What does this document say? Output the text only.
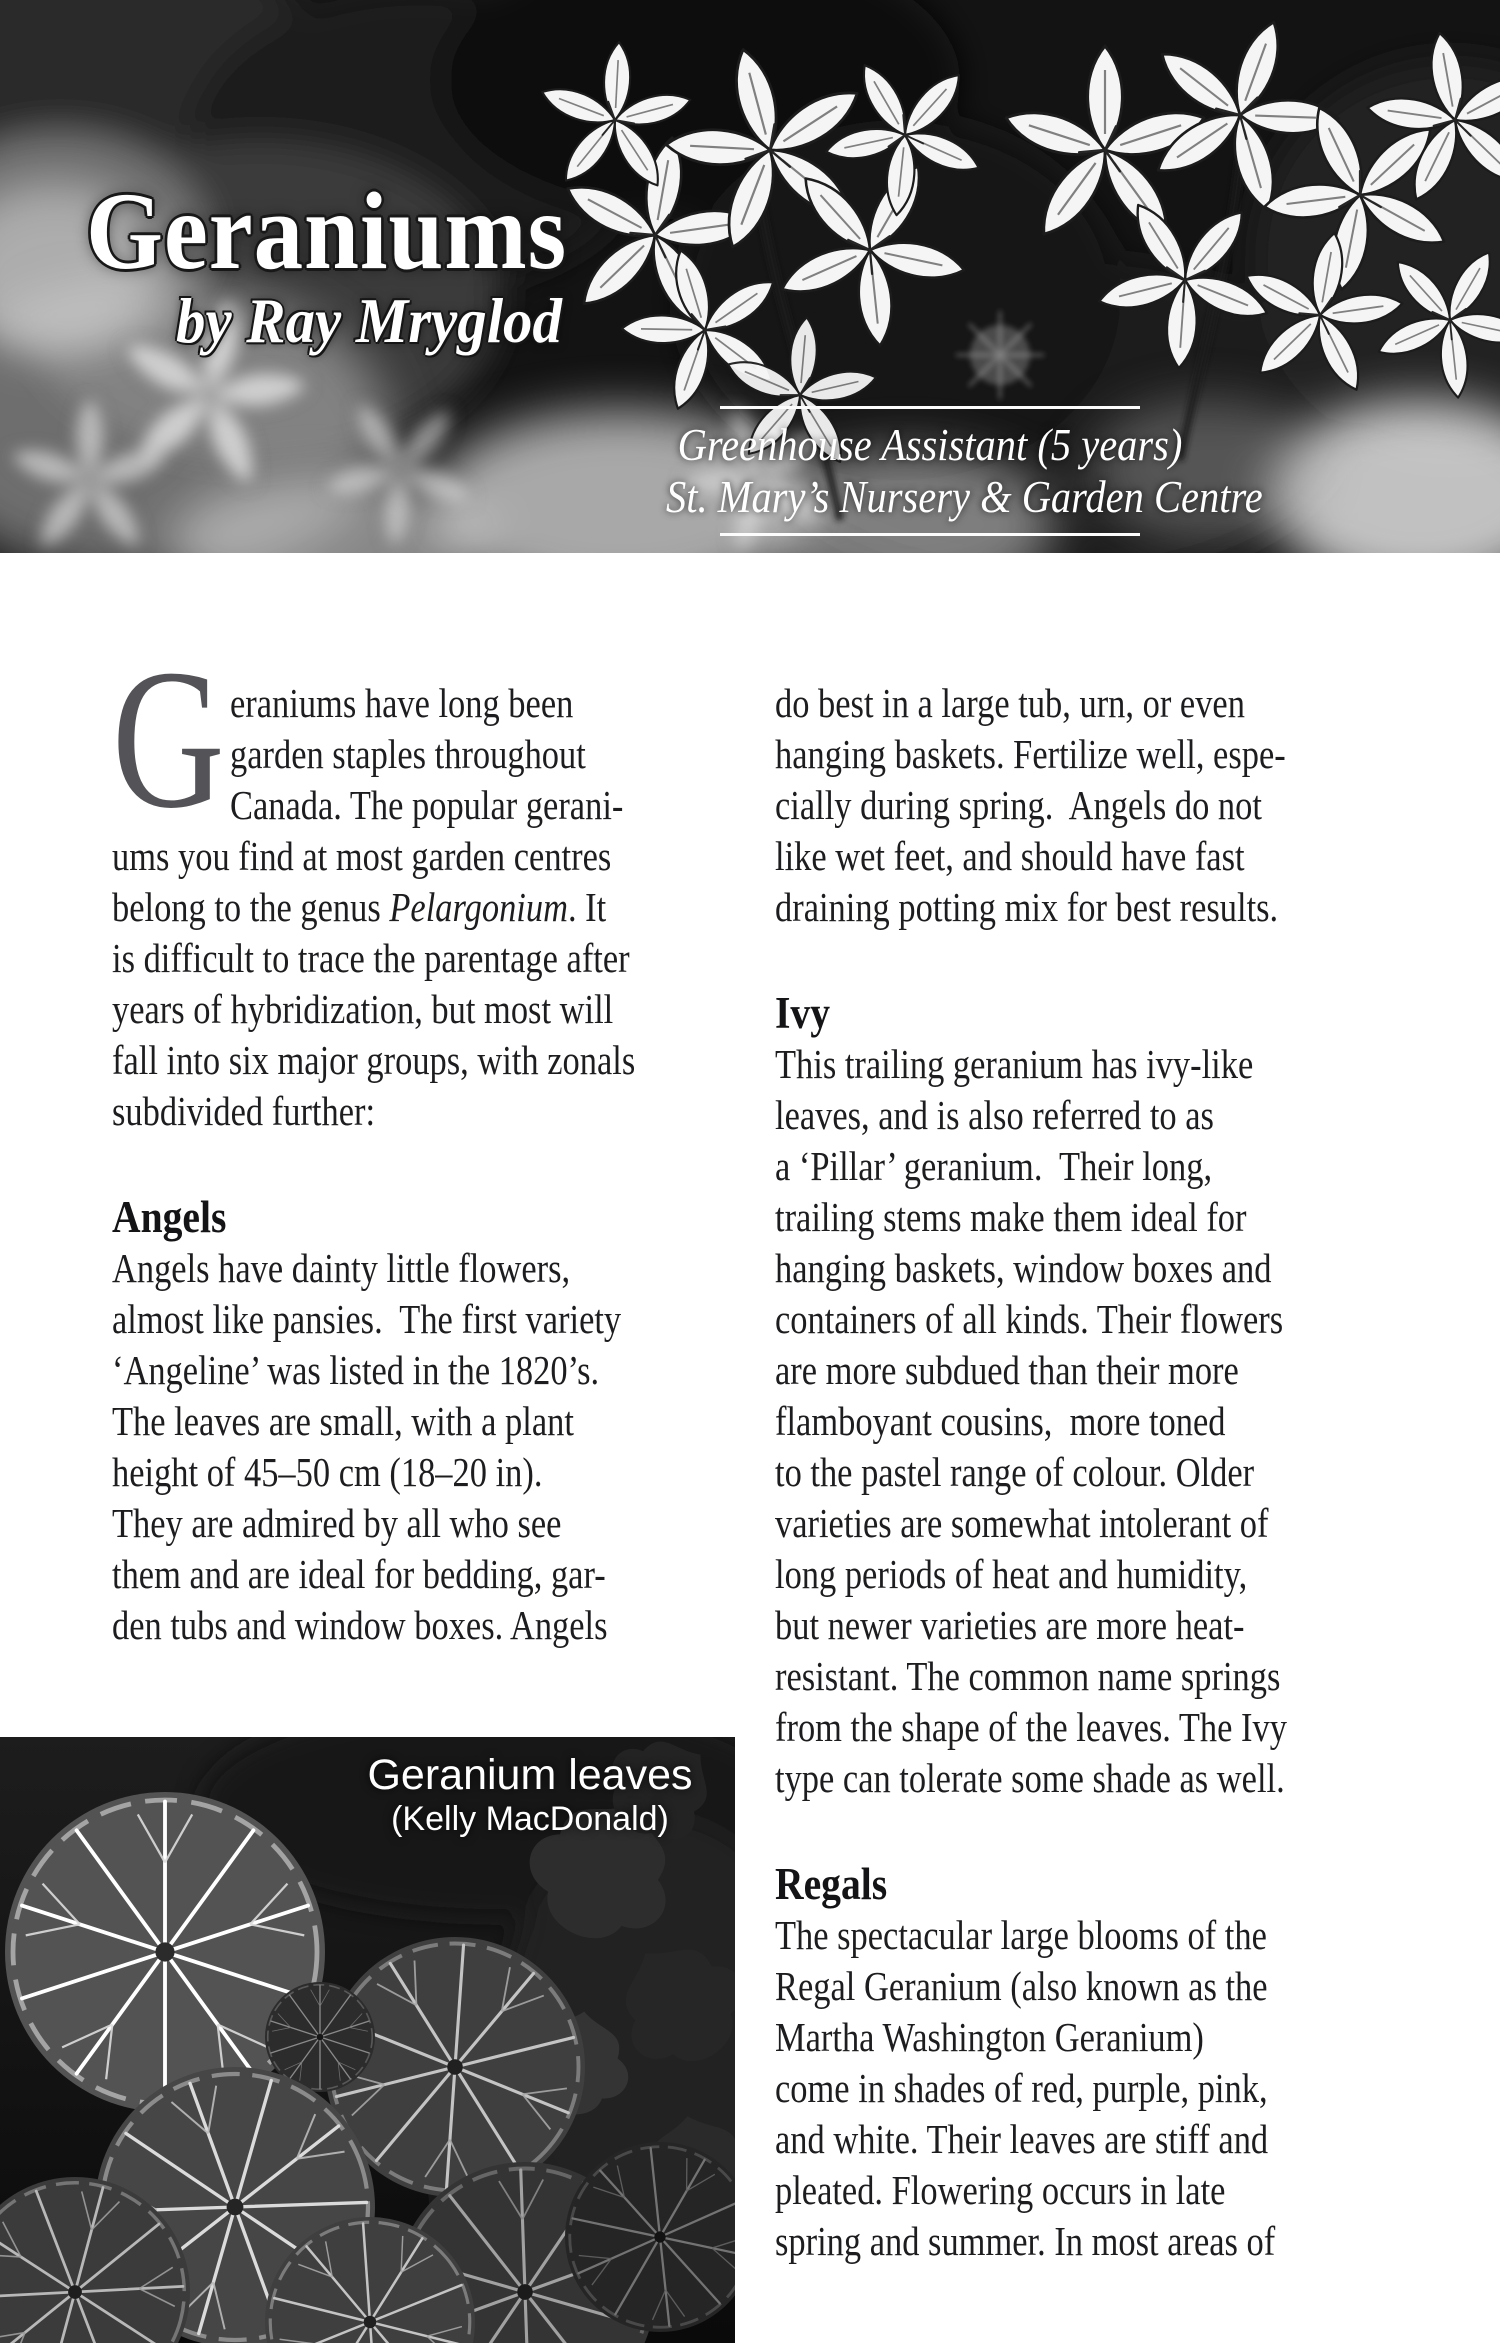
Geraniums
by Ray Mryglod
Greenhouse Assistant (5 years)
St. Mary’s Nursery & Garden Centre
G eraniums have long been
garden staples throughout
Canada. The popular gerani-
ums you find at most garden centres
belong to the genus Pelargonium. It
is difficult to trace the parentage after
years of hybridization, but most will
fall into six major groups, with zonals
subdivided further:
Angels
Angels have dainty little flowers,
almost like pansies.  The first variety
‘Angeline’ was listed in the 1820’s.
The leaves are small, with a plant
height of 45–50 cm (18–20 in).
They are admired by all who see
them and are ideal for bedding, gar-
den tubs and window boxes. Angels
do best in a large tub, urn, or even
hanging baskets. Fertilize well, espe-
cially during spring.  Angels do not
like wet feet, and should have fast
draining potting mix for best results.
Ivy
This trailing geranium has ivy-like
leaves, and is also referred to as
a ‘Pillar’ geranium.  Their long,
trailing stems make them ideal for
hanging baskets, window boxes and
containers of all kinds. Their flowers
are more subdued than their more
flamboyant cousins,  more toned
to the pastel range of colour. Older
varieties are somewhat intolerant of
long periods of heat and humidity,
but newer varieties are more heat-
resistant. The common name springs
from the shape of the leaves. The Ivy
type can tolerate some shade as well.
Regals
The spectacular large blooms of the
Regal Geranium (also known as the
Martha Washington Geranium)
come in shades of red, purple, pink,
and white. Their leaves are stiff and
pleated. Flowering occurs in late
spring and summer. In most areas of
Geranium leaves
(Kelly MacDonald)
